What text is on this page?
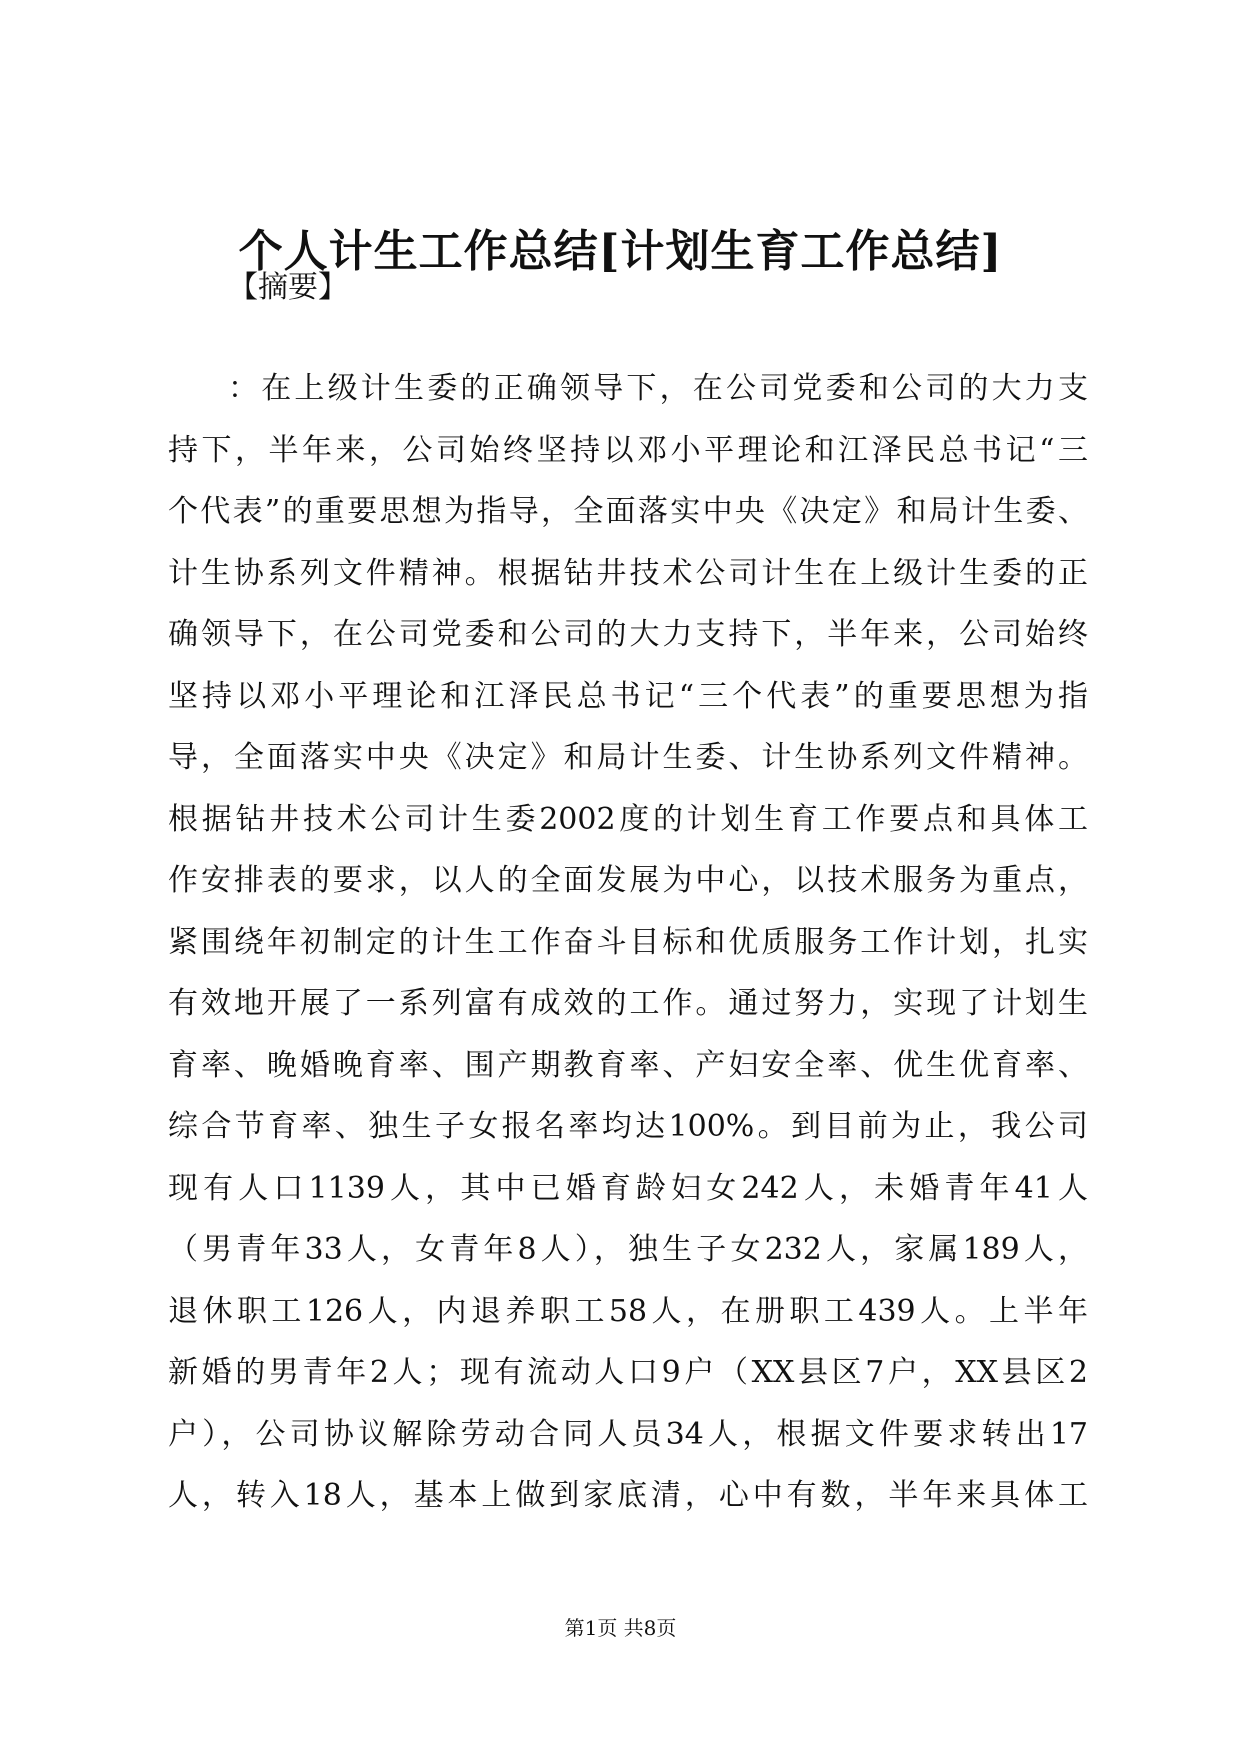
个人计生工作总结[计划生育工作总结]
【摘要】
：在上级计生委的正确领导下，在公司党委和公司的大力支
持下，半年来，公司始终坚持以邓小平理论和江泽民总书记“三
个代表”的重要思想为指导，全面落实中央《决定》和局计生委、
计生协系列文件精神。根据钻井技术公司计生在上级计生委的正
确领导下，在公司党委和公司的大力支持下，半年来，公司始终
坚持以邓小平理论和江泽民总书记“三个代表”的重要思想为指
导，全面落实中央《决定》和局计生委、计生协系列文件精神。
根据钻井技术公司计生委2002度的计划生育工作要点和具体工
作安排表的要求，以人的全面发展为中心，以技术服务为重点，
紧围绕年初制定的计生工作奋斗目标和优质服务工作计划，扎实
有效地开展了一系列富有成效的工作。通过努力，实现了计划生
育率、晚婚晚育率、围产期教育率、产妇安全率、优生优育率、
综合节育率、独生子女报名率均达100%。到目前为止，我公司
现有人口1139人，其中已婚育龄妇女242人，未婚青年41人
（男青年33人，女青年8人），独生子女232人，家属189人，
退休职工126人，内退养职工58人，在册职工439人。上半年
新婚的男青年2人；现有流动人口9户（XX县区7户，XX县区2
户），公司协议解除劳动合同人员34人，根据文件要求转出17
人，转入18人，基本上做到家底清，心中有数，半年来具体工
第1页 共8页
